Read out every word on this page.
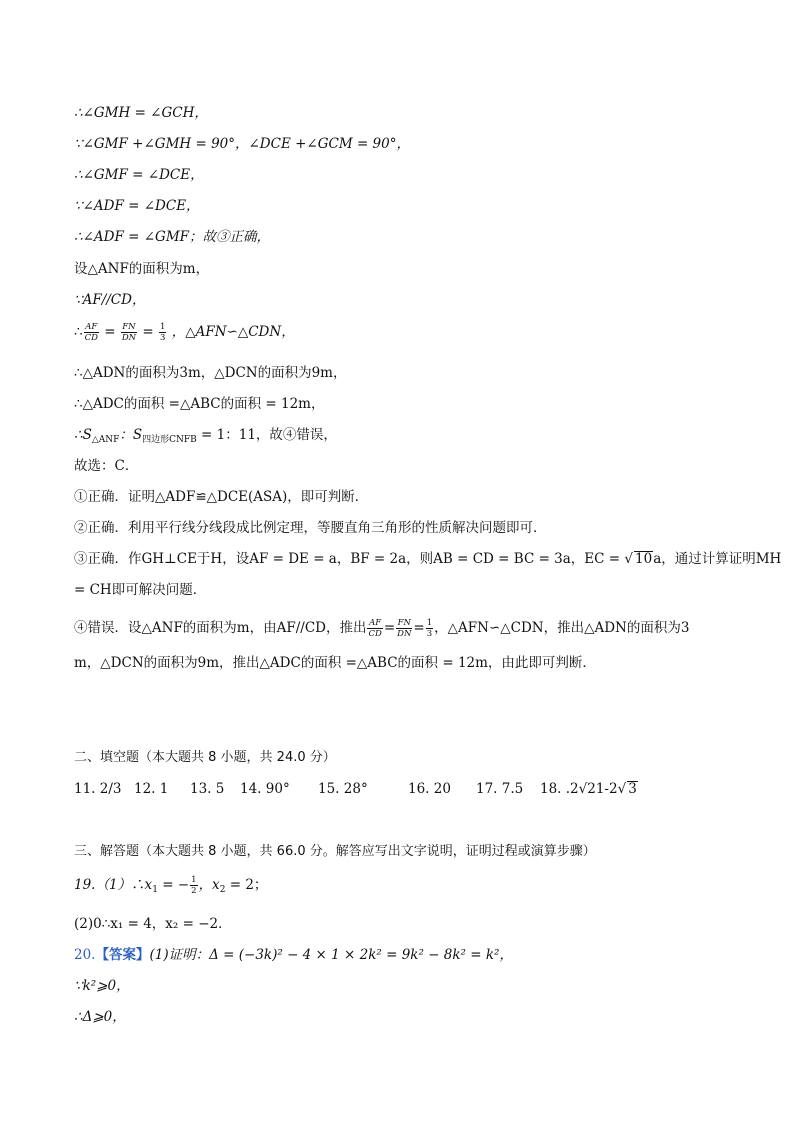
∴∠GMH = ∠GCH，
∵∠GMF +∠GMH = 90°，∠DCE +∠GCM = 90°，
∴∠GMF = ∠DCE，
∵∠ADF = ∠DCE，
∴∠ADF = ∠GMF；故③正确，
设△ANF的面积为m，
∵AF//CD，
∴ $\frac{AF}{CD} = \frac{FN}{DN} = \frac{1}{3}$ ，△AFN∽△CDN，
∴△ADN的面积为3m，△DCN的面积为9m，
∴△ADC的面积 =△ABC的面积 = 12m，
$\therefore S_{\triangle ANF}$：$S_{四边形CNFB} = 1$：11，故④错误，
故选：C．
①正确．证明△ADF≌△DCE(ASA)，即可判断．
②正确．利用平行线分线段成比例定理，等腰直角三角形的性质解决问题即可．
③正确．作GH⊥CE于H，设AF = DE = a，BF = 2a，则AB = CD = BC = 3a，EC = √ 10a，通过计算证明MH
= CH即可解决问题．
④错误．设△ANF的面积为m，由AF//CD，推出 $\frac{AF}{CD} = \frac{FN}{DN} = \frac{1}{3}$ ，△AFN∽△CDN，推出△ADN的面积为3
m，△DCN的面积为9m，推出△ADC的面积 =△ABC的面积 = 12m，由此即可判断．
二、填空题（本大题共 8 小题，共 24.0 分）
11. 2/3 12. 1 13. 5 14. 90° 15. 28°	16. 20 17. 7.5 18. .2√21-2√ 3
三、解答题（本大题共 8 小题，共 66.0 分。解答应写出文字说明，证明过程或演算步骤）
$19.(1)\therefore x_1$ = − $\frac{1}{2}$ ，$x_2 = 2$；
(2)0∴x₁ = 4，x₂ = −2．
20.【答案】(1)证明：Δ = (−3k)² − 4 × 1 × 2k² = 9k² − 8k² = k²，
∵k²⩾0，
∴Δ⩾0，
